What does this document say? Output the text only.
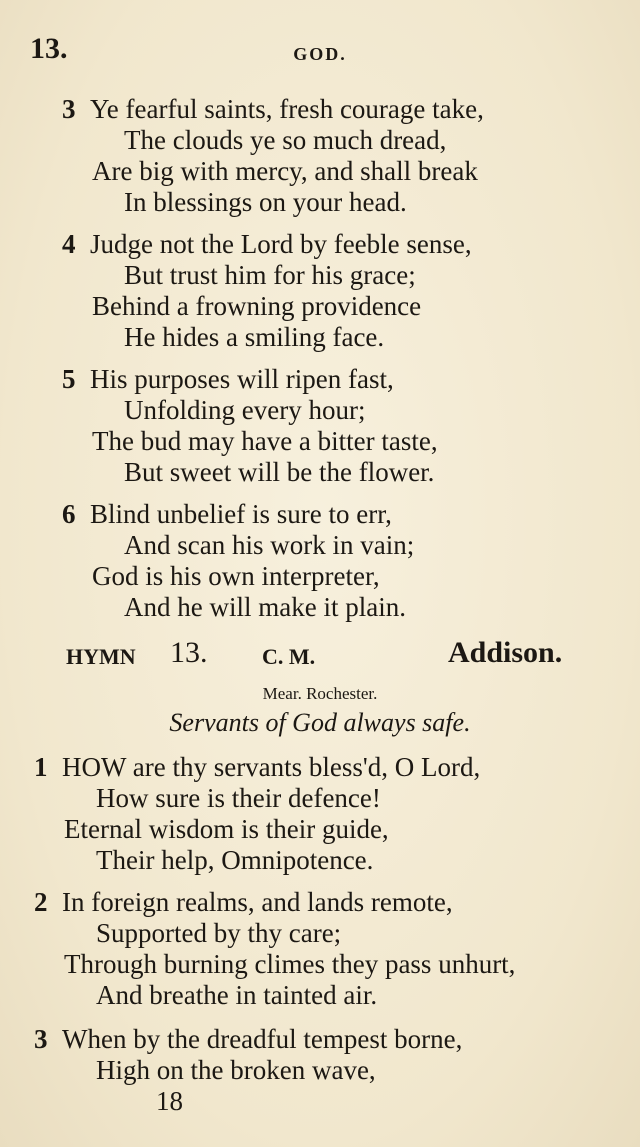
13.	GOD.
3 Ye fearful saints, fresh courage take,
The clouds ye so much dread,
Are big with mercy, and shall break
In blessings on your head.
4 Judge not the Lord by feeble sense,
But trust him for his grace;
Behind a frowning providence
He hides a smiling face.
5 His purposes will ripen fast,
Unfolding every hour;
The bud may have a bitter taste,
But sweet will be the flower.
6 Blind unbelief is sure to err,
And scan his work in vain;
God is his own interpreter,
And he will make it plain.
HYMN 13. C. M.	Addison.
Mear. Rochester.
Servants of God always safe.
1 HOW are thy servants bless'd, O Lord,
How sure is their defence!
Eternal wisdom is their guide,
Their help, Omnipotence.
2 In foreign realms, and lands remote,
Supported by thy care;
Through burning climes they pass unhurt,
And breathe in tainted air.
3 When by the dreadful tempest borne,
High on the broken wave,
18
